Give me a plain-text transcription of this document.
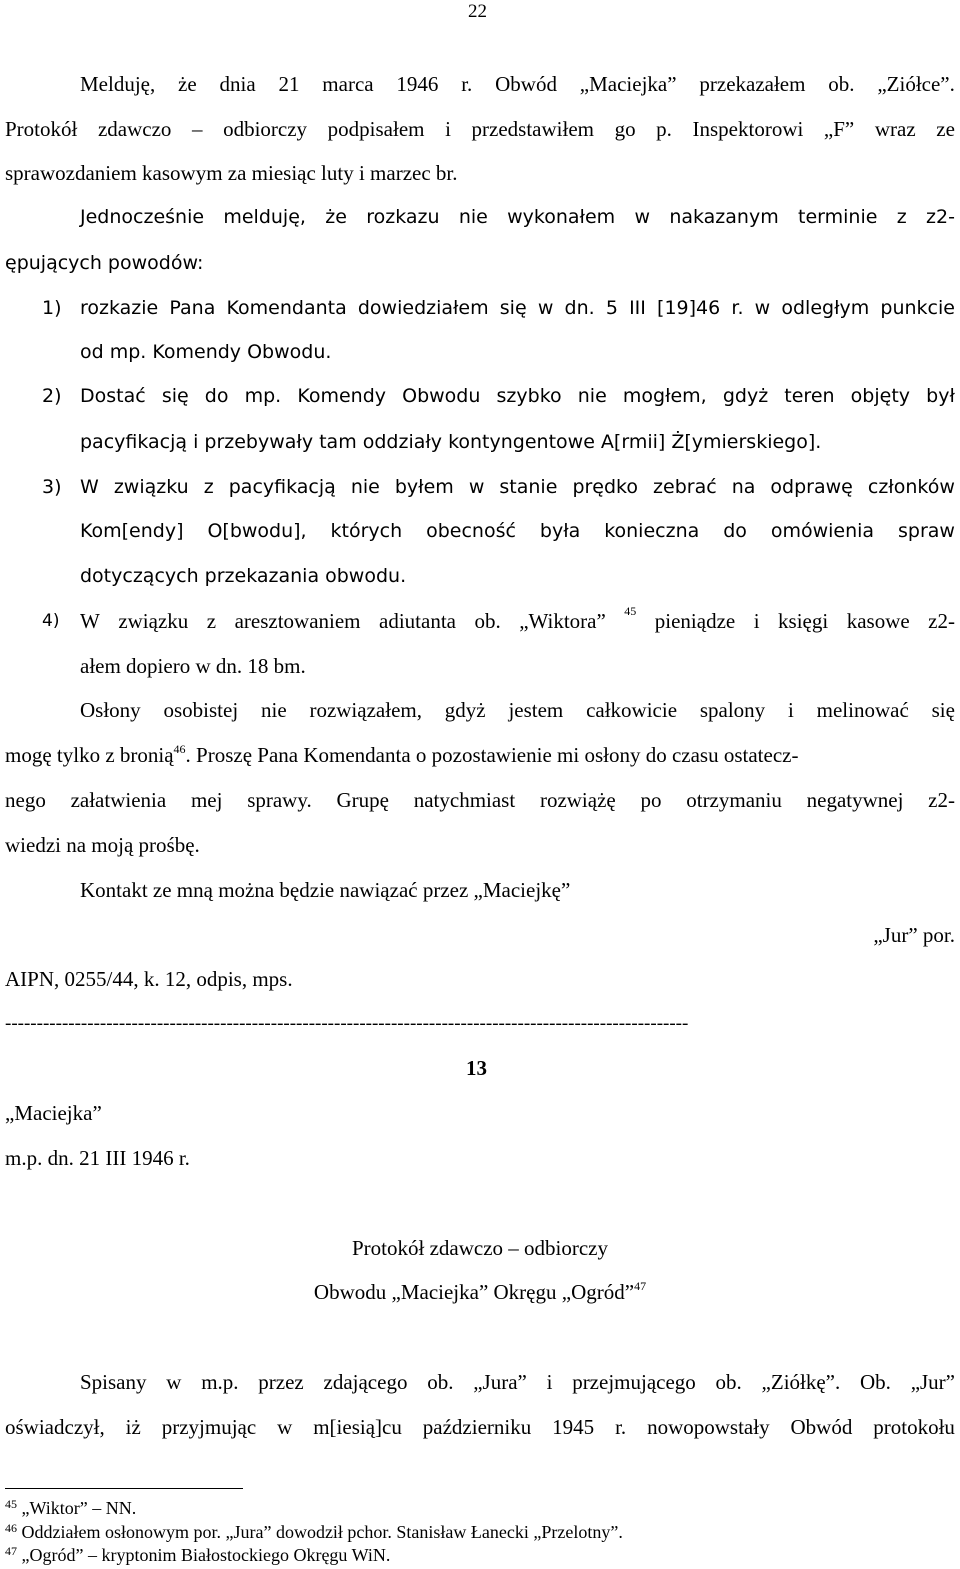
22
Melduję, że dnia 21 marca 1946 r. Obwód „Maciejka” przekazałem ob. „Ziółce”.
Protokół zdawczo – odbiorczy podpisałem i przedstawiłem go p. Inspektorowi „F” wraz ze
sprawozdaniem kasowym za miesiąc luty i marzec br.
Jednocześnie melduję, że rozkazu nie wykonałem w nakazanym terminie z z2-
ępujących powodów:
1) rozkazie Pana Komendanta dowiedziałem się w dn. 5 III [19]46 r. w odległym punkcie
od mp. Komendy Obwodu.
2) Dostać się do mp. Komendy Obwodu szybko nie mogłem, gdyż teren objęty był
pacyfikacją i przebywały tam oddziały kontyngentowe A[rmii] Ż[ymierskiego].
3) W związku z pacyfikacją nie byłem w stanie prędko zebrać na odprawę członków
Kom[endy] O[bwodu], których obecność była konieczna do omówienia spraw
dotyczących przekazania obwodu.
4) W związku z aresztowaniem adiutanta ob. „Wiktora” 45 pieniądze i księgi kasowe z2-
ałem dopiero w dn. 18 bm.
Osłony osobistej nie rozwiązałem, gdyż jestem całkowicie spalony i melinować się
mogę tylko z bronią$^{46}$. Proszę Pana Komendanta o pozostawienie mi osłony do czasu ostatecz-
nego załatwienia mej sprawy. Grupę natychmiast rozwiążę po otrzymaniu negatywnej z2-
wiedzi na moją prośbę.
Kontakt ze mną można będzie nawiązać przez „Maciejkę”
„Jur” por.
AIPN, 0255/44, k. 12, odpis, mps.
------------------------------------------------------------------------------------------------------------
13
„Maciejka”
m.p. dn. 21 III 1946 r.
Protokół zdawczo – odbiorczy
Obwodu „Maciejka” Okręgu „Ogród”$^{47}$
Spisany w m.p. przez zdającego ob. „Jura” i przejmującego ob. „Ziółkę”. Ob. „Jur”
oświadczył, iż przyjmując w m[iesią]cu październiku 1945 r. nowopowstały Obwód protokołu
$^{45}$ „Wiktor” – NN.
$^{46}$ Oddziałem osłonowym por. „Jura” dowodził pchor. Stanisław Łanecki „Przelotny”.
$^{47}$ „Ogród” – kryptonim Białostockiego Okręgu WiN.
